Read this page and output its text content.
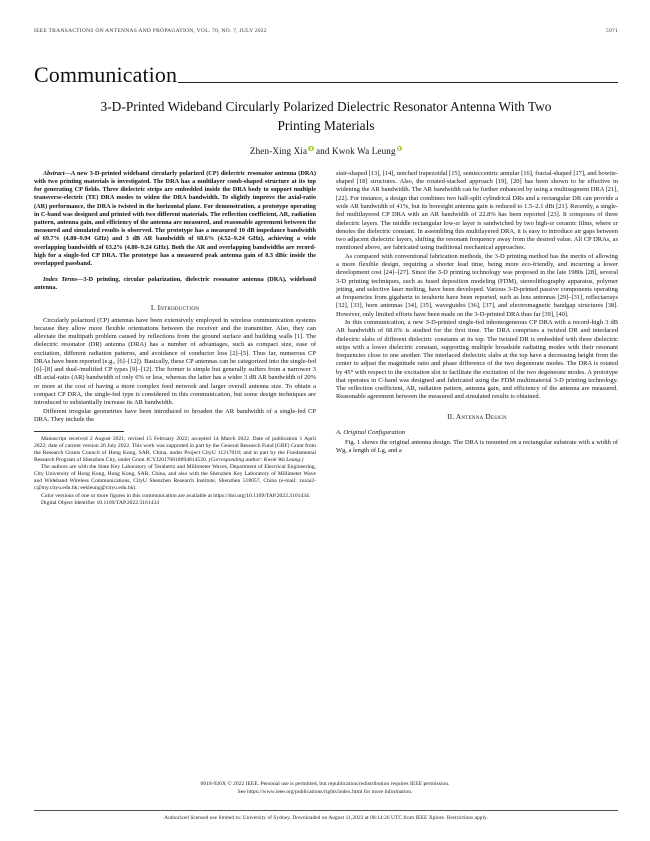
IEEE TRANSACTIONS ON ANTENNAS AND PROPAGATION, VOL. 70, NO. 7, JULY 2022	5971
Communication
3-D-Printed Wideband Circularly Polarized Dielectric Resonator Antenna With Two Printing Materials
Zhen-Xing Xia and Kwok Wa Leung

Abstract—A new 3-D-printed wideband circularly polarized (CP) dielectric resonator antenna (DRA) with two printing materials is investigated. The DRA has a multilayer comb-shaped structure at its top for generating CP fields. Three dielectric strips are embedded inside the DRA body to support multiple transverse-electric (TE) DRA modes to widen the DRA bandwidth. To slightly improve the axial-ratio (AR) performance, the DRA is twisted in the horizontal plane. For demonstration, a prototype operating in C-band was designed and printed with two different materials. The reflection coefficient, AR, radiation pattern, antenna gain, and efficiency of the antenna are measured, and reasonable agreement between the measured and simulated results is observed. The prototype has a measured 10 dB impedance bandwidth of 69.7% (4.80–9.94 GHz) and 3 dB AR bandwidth of 68.6% (4.52–9.24 GHz), achieving a wide overlapping bandwidth of 63.2% (4.80–9.24 GHz). Both the AR and overlapping bandwidths are record-high for a single-fed CP DRA. The prototype has a measured peak antenna gain of 8.3 dBic inside the overlapped passband.

Index Terms—3-D printing, circular polarization, dielectric resonator antenna (DRA), wideband antenna.

I. Introduction

Circularly polarized (CP) antennas have been extensively employed in wireless communication systems because they allow more flexible orientations between the receiver and the transmitter. Also, they can alleviate the multipath problem caused by reflections from the ground surface and building walls [1]. The dielectric resonator (DR) antenna (DRA) has a number of advantages, such as compact size, ease of excitation, different radiation patterns, and avoidance of conductor loss [2]–[5]. Thus far, numerous CP DRAs have been reported (e.g., [6]–[12]). Basically, these CP antennas can be categorized into the single-fed [6]–[8] and dual-/multifed CP types [9]–[12]. The former is simple but generally suffers from a narrower 3 dB axial-ratio (AR) bandwidth of only 6% or less, whereas the latter has a wider 3 dB AR bandwidth of 20% or more at the cost of having a more complex feed network and larger overall antenna size. To obtain a compact CP DRA, the single-fed type is considered in this communication, but some design techniques are introduced to substantially increase its AR bandwidth.

Different irregular geometries have been introduced to broaden the AR bandwidth of a single-fed CP DRA. They include the

Manuscript received 2 August 2021; revised 15 February 2022; accepted 14 March 2022. Date of publication 1 April 2022; date of current version 26 July 2022. This work was supported in part by the General Research Fund (GRF) Grant from the Research Grants Council of Hong Kong, SAR, China, under Project CityU 11217018; and in part by the Fundamental Research Program of Shenzhen City, under Grant JCYJ20170818094814530. (Corresponding author: Kwok Wa Leung.)

The authors are with the State Key Laboratory of Terahertz and Millimeter Waves, Department of Electrical Engineering, City University of Hong Kong, Hong Kong, SAR, China, and also with the Shenzhen Key Laboratory of Millimeter Wave and Wideband Wireless Communications, CityU Shenzhen Research Institute, Shenzhen 518057, China (e-mail: zuxia2-c@my.cityu.edu.hk; eekleung@cityu.edu.hk).

Color versions of one or more figures in this communication are available at https://doi.org/10.1109/TAP.2022.3161434.

Digital Object Identifier 10.1109/TAP.2022.3161434

stair-shaped [13], [14], notched trapezoidal [15], semieccentric annular [16], fractal-shaped [17], and bowtie-shaped [18] structures. Also, the rotated-stacked approach [19], [20] has been shown to be effective in widening the AR bandwidth. The AR bandwidth can be further enhanced by using a multisegment DRA [21], [22]. For instance, a design that combines two half-split cylindrical DRs and a rectangular DR can provide a wide AR bandwidth of 41%, but its boresight antenna gain is reduced to 1.5–2.1 dBi [21]. Recently, a single-fed multilayered CP DRA with an AR bandwidth of 22.8% has been reported [23]. It composes of three dielectric layers. The middle rectangular low-εr layer is sandwiched by two high-εr ceramic films, where εr denotes the dielectric constant. In assembling this multilayered DRA, it is easy to introduce air gaps between two adjacent dielectric layers, shifting the resonant frequency away from the desired value. All CP DRAs, as mentioned above, are fabricated using traditional mechanical approaches.

As compared with conventional fabrication methods, the 3-D printing method has the merits of allowing a more flexible design, requiring a shorter lead time, being more eco-friendly, and incurring a lower development cost [24]–[27]. Since the 3-D printing technology was proposed in the late 1980s [28], several 3-D printing techniques, such as fused deposition modeling (FDM), stereolithography apparatus, polymer jetting, and selective laser melting, have been developed. Various 3-D-printed passive components operating at frequencies from gigahertz to terahertz have been reported, such as lens antennas [29]–[31], reflectarrays [32], [33], horn antennas [34], [35], waveguides [36], [37], and electromagnetic bandgap structures [38]. However, only limited efforts have been made on the 3-D-printed DRA thus far [39], [40].

In this communication, a new 3-D-printed single-fed inhomogeneous CP DRA with a record-high 3 dB AR bandwidth of 68.6% is studied for the first time. The DRA comprises a twisted DR and interlaced dielectric slabs of different dielectric constants at its top. The twisted DR is embedded with three dielectric strips with a lower dielectric constant, supporting multiple broadside radiating modes with their resonant frequencies close to one another. The interlaced dielectric slabs at the top have a decreasing height from the center to adjust the magnitude ratio and phase difference of the two degenerate modes. The DRA is rotated by 45° with respect to the excitation slot to facilitate the excitation of the two degenerate modes. A prototype that operates in C-band was designed and fabricated using the FDM multimaterial 3-D printing technology. The reflection coefficient, AR, radiation pattern, antenna gain, and efficiency of the antenna are measured. Reasonable agreement between the measured and simulated results is obtained.

II. Antenna Design
A. Original Configuration

Fig. 1 shows the original antenna design. The DRA is mounted on a rectangular substrate with a width of Wg, a length of Lg, and a

0018-926X © 2022 IEEE. Personal use is permitted, but republication/redistribution requires IEEE permission.
See https://www.ieee.org/publications/rights/index.html for more information.
Authorized licensed use limited to: University of Sydney. Downloaded on August 11,2023 at 08:14:26 UTC from IEEE Xplore. Restrictions apply.
